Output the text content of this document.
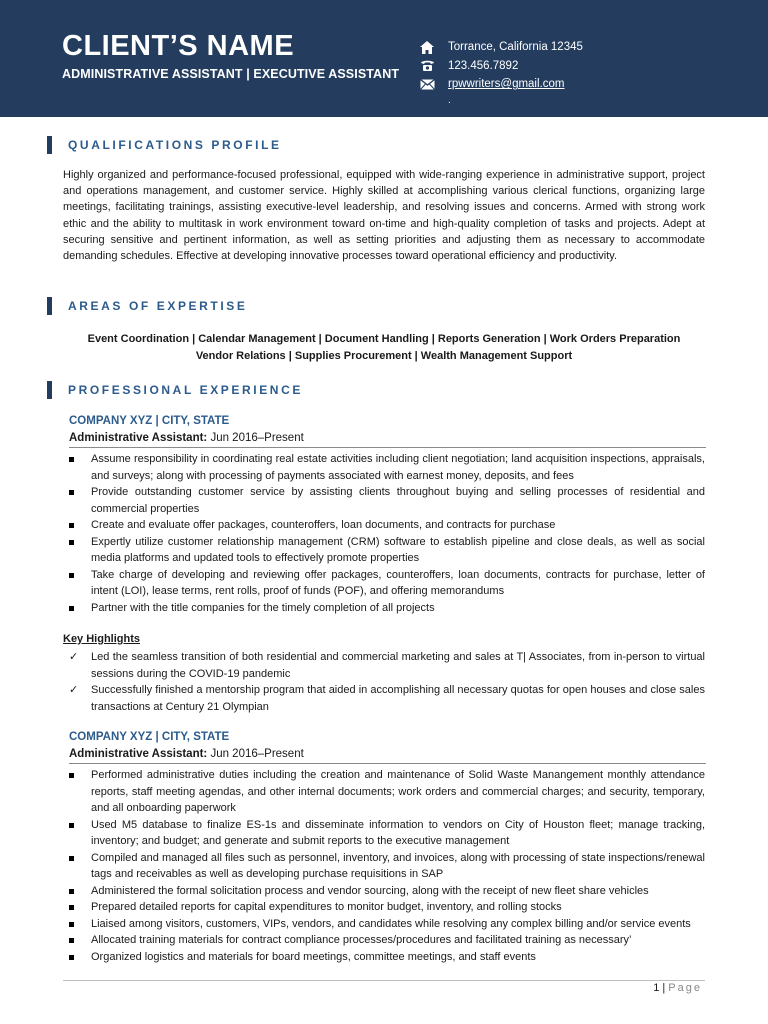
CLIENT’S NAME
ADMINISTRATIVE ASSISTANT | EXECUTIVE ASSISTANT
Torrance, California 12345
123.456.7892
rpwwriters@gmail.com
.
QUALIFICATIONS PROFILE
Highly organized and performance-focused professional, equipped with wide-ranging experience in administrative support, project and operations management, and customer service. Highly skilled at accomplishing various clerical functions, organizing large meetings, facilitating trainings, assisting executive-level leadership, and resolving issues and concerns. Armed with strong work ethic and the ability to multitask in work environment toward on-time and high-quality completion of tasks and projects. Adept at securing sensitive and pertinent information, as well as setting priorities and adjusting them as necessary to accommodate demanding schedules. Effective at developing innovative processes toward operational efficiency and productivity.
AREAS OF EXPERTISE
Event Coordination | Calendar Management | Document Handling | Reports Generation | Work Orders Preparation
Vendor Relations | Supplies Procurement | Wealth Management Support
PROFESSIONAL EXPERIENCE
COMPANY XYZ | CITY, STATE
Administrative Assistant: Jun 2016–Present
Assume responsibility in coordinating real estate activities including client negotiation; land acquisition inspections, appraisals, and surveys; along with processing of payments associated with earnest money, deposits, and fees
Provide outstanding customer service by assisting clients throughout buying and selling processes of residential and commercial properties
Create and evaluate offer packages, counteroffers, loan documents, and contracts for purchase
Expertly utilize customer relationship management (CRM) software to establish pipeline and close deals, as well as social media platforms and updated tools to effectively promote properties
Take charge of developing and reviewing offer packages, counteroffers, loan documents, contracts for purchase, letter of intent (LOI), lease terms, rent rolls, proof of funds (POF), and offering memorandums
Partner with the title companies for the timely completion of all projects
Key Highlights
✓ Led the seamless transition of both residential and commercial marketing and sales at T| Associates, from in-person to virtual sessions during the COVID-19 pandemic
✓ Successfully finished a mentorship program that aided in accomplishing all necessary quotas for open houses and close sales transactions at Century 21 Olympian
COMPANY XYZ | CITY, STATE
Administrative Assistant: Jun 2016–Present
Performed administrative duties including the creation and maintenance of Solid Waste Manangement monthly attendance reports, staff meeting agendas, and other internal documents; work orders and commercial charges; and security, temporary, and all onboarding paperwork
Used M5 database to finalize ES-1s and disseminate information to vendors on City of Houston fleet; manage tracking, inventory; and budget; and generate and submit reports to the executive management
Compiled and managed all files such as personnel, inventory, and invoices, along with processing of state inspections/renewal tags and receivables as well as developing purchase requisitions in SAP
Administered the formal solicitation process and vendor sourcing, along with the receipt of new fleet share vehicles
Prepared detailed reports for capital expenditures to monitor budget, inventory, and rolling stocks
Liaised among visitors, customers, VIPs, vendors, and candidates while resolving any complex billing and/or service events
Allocated training materials for contract compliance processes/procedures and facilitated training as necessary’
Organized logistics and materials for board meetings, committee meetings, and staff events
1 | Page
